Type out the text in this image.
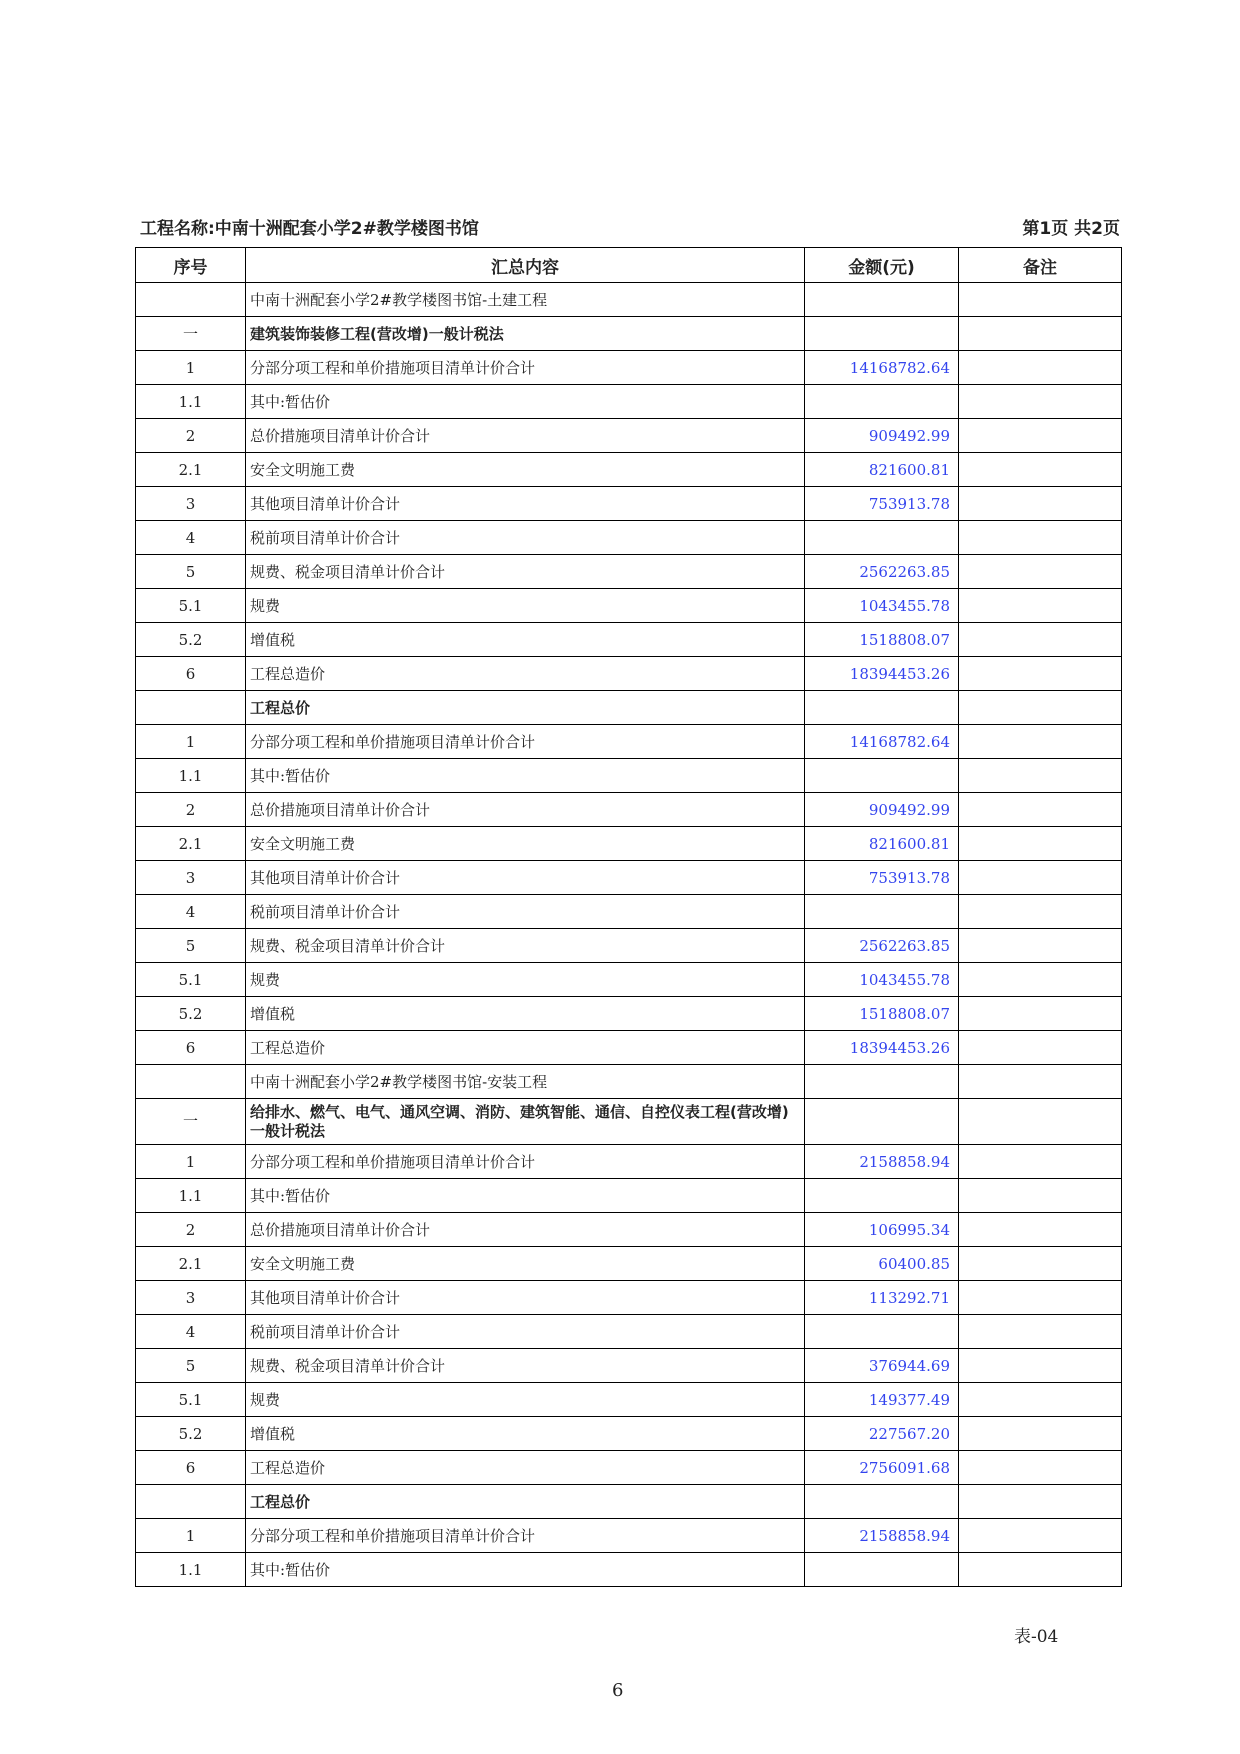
工程名称:中南十洲配套小学2#教学楼图书馆	第1页 共2页
序号	汇总内容	金额(元)	备注
	中南十洲配套小学2#教学楼图书馆-土建工程		
一	建筑装饰装修工程(营改增)一般计税法		
1	分部分项工程和单价措施项目清单计价合计	14168782.64	
1.1	其中:暂估价		
2	总价措施项目清单计价合计	909492.99	
2.1	安全文明施工费	821600.81	
3	其他项目清单计价合计	753913.78	
4	税前项目清单计价合计		
5	规费、税金项目清单计价合计	2562263.85	
5.1	规费	1043455.78	
5.2	增值税	1518808.07	
6	工程总造价	18394453.26	
	工程总价		
1	分部分项工程和单价措施项目清单计价合计	14168782.64	
1.1	其中:暂估价		
2	总价措施项目清单计价合计	909492.99	
2.1	安全文明施工费	821600.81	
3	其他项目清单计价合计	753913.78	
4	税前项目清单计价合计		
5	规费、税金项目清单计价合计	2562263.85	
5.1	规费	1043455.78	
5.2	增值税	1518808.07	
6	工程总造价	18394453.26	
	中南十洲配套小学2#教学楼图书馆-安装工程		
一	给排水、燃气、电气、通风空调、消防、建筑智能、通信、自控仪表工程(营改增)一般计税法		
1	分部分项工程和单价措施项目清单计价合计	2158858.94	
1.1	其中:暂估价		
2	总价措施项目清单计价合计	106995.34	
2.1	安全文明施工费	60400.85	
3	其他项目清单计价合计	113292.71	
4	税前项目清单计价合计		
5	规费、税金项目清单计价合计	376944.69	
5.1	规费	149377.49	
5.2	增值税	227567.20	
6	工程总造价	2756091.68	
	工程总价		
1	分部分项工程和单价措施项目清单计价合计	2158858.94	
1.1	其中:暂估价		
表-04
6
